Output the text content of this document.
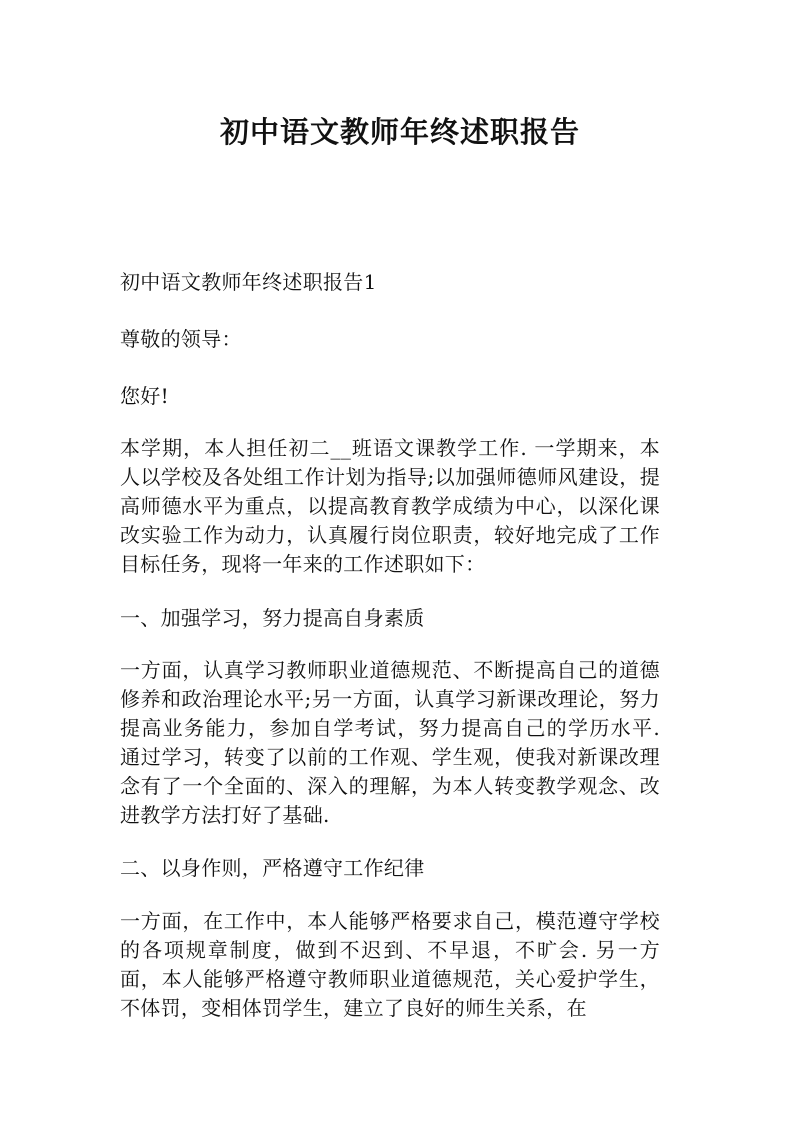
初中语文教师年终述职报告

初中语文教师年终述职报告1

尊敬的领导：

您好!

本学期，本人担任初二__班语文课教学工作. 一学期来，本人以学校及各处组工作计划为指导;以加强师德师风建设，提高师德水平为重点，以提高教育教学成绩为中心，以深化课改实验工作为动力，认真履行岗位职责，较好地完成了工作目标任务，现将一年来的工作述职如下：

一、加强学习，努力提高自身素质

一方面，认真学习教师职业道德规范、不断提高自己的道德修养和政治理论水平;另一方面，认真学习新课改理论，努力提高业务能力，参加自学考试，努力提高自己的学历水平. 通过学习，转变了以前的工作观、学生观，使我对新课改理念有了一个全面的、深入的理解，为本人转变教学观念、改进教学方法打好了基础.

二、以身作则，严格遵守工作纪律

一方面，在工作中，本人能够严格要求自己，模范遵守学校的各项规章制度，做到不迟到、不早退，不旷会. 另一方面，本人能够严格遵守教师职业道德规范，关心爱护学生，不体罚，变相体罚学生，建立了良好的师生关系，在
